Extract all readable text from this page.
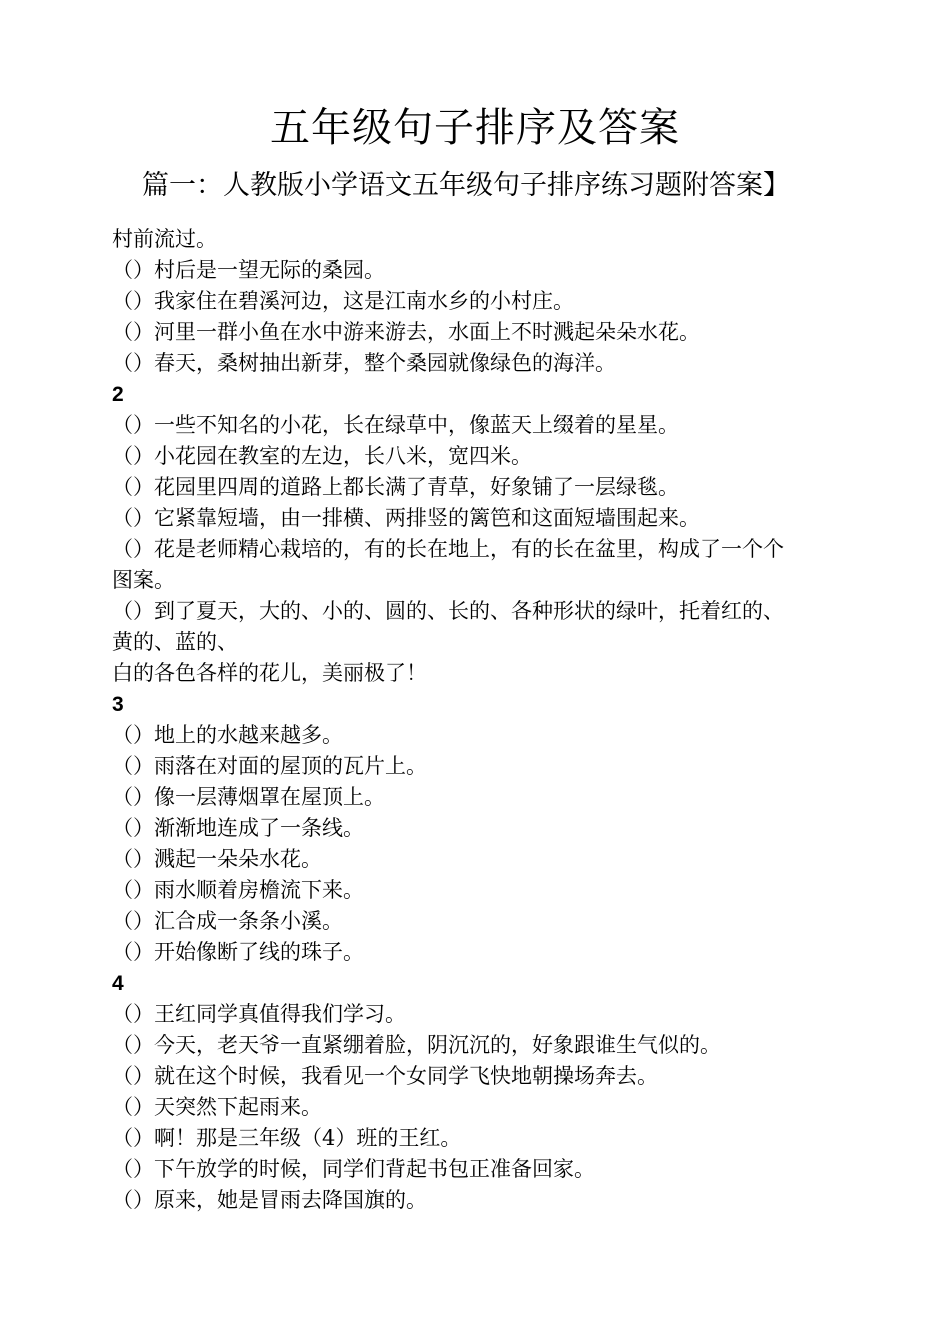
五年级句子排序及答案
篇一：人教版小学语文五年级句子排序练习题附答案】
村前流过。
（）村后是一望无际的桑园。
（）我家住在碧溪河边，这是江南水乡的小村庄。
（）河里一群小鱼在水中游来游去，水面上不时溅起朵朵水花。
（）春天，桑树抽出新芽，整个桑园就像绿色的海洋。
2
（）一些不知名的小花，长在绿草中，像蓝天上缀着的星星。
（）小花园在教室的左边，长八米，宽四米。
（）花园里四周的道路上都长满了青草，好象铺了一层绿毯。
（）它紧靠短墙，由一排横、两排竖的篱笆和这面短墙围起来。
（）花是老师精心栽培的，有的长在地上，有的长在盆里，构成了一个个
图案。
（）到了夏天，大的、小的、圆的、长的、各种形状的绿叶，托着红的、
黄的、蓝的、
白的各色各样的花儿，美丽极了！
3
（）地上的水越来越多。
（）雨落在对面的屋顶的瓦片上。
（）像一层薄烟罩在屋顶上。
（）渐渐地连成了一条线。
（）溅起一朵朵水花。
（）雨水顺着房檐流下来。
（）汇合成一条条小溪。
（）开始像断了线的珠子。
4
（）王红同学真值得我们学习。
（）今天，老天爷一直紧绷着脸，阴沉沉的，好象跟谁生气似的。
（）就在这个时候，我看见一个女同学飞快地朝操场奔去。
（）天突然下起雨来。
（）啊！那是三年级（4）班的王红。
（）下午放学的时候，同学们背起书包正准备回家。
（）原来，她是冒雨去降国旗的。
